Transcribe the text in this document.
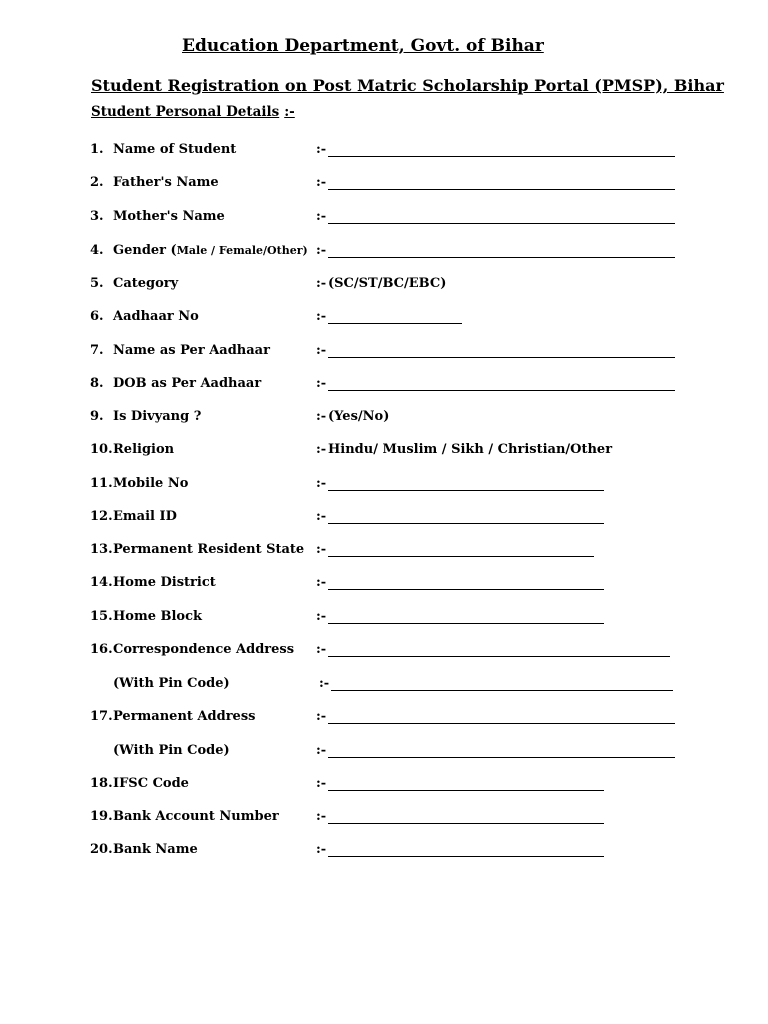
Education Department, Govt. of Bihar
Student Registration on Post Matric Scholarship Portal (PMSP), Bihar
Student Personal Details :-
1. Name of Student	:-
2. Father's Name	:-
3. Mother's Name	:-
4. Gender (Male / Female/Other) :-
5. Category	:- (SC/ST/BC/EBC)
6. Aadhaar No	:-
7. Name as Per Aadhaar	:-
8. DOB as Per Aadhaar	:-
9. Is Divyang ?	:- (Yes/No)
10. Religion	:- Hindu/ Muslim / Sikh / Christian/Other
11. Mobile No	:-
12. Email ID	:-
13. Permanent Resident State :-
14. Home District	:-
15. Home Block	:-
16. Correspondence Address :-
(With Pin Code)	:-
17. Permanent Address	:-
(With Pin Code)	:-
18. IFSC Code	:-
19. Bank Account Number	:-
20. Bank Name	:-
